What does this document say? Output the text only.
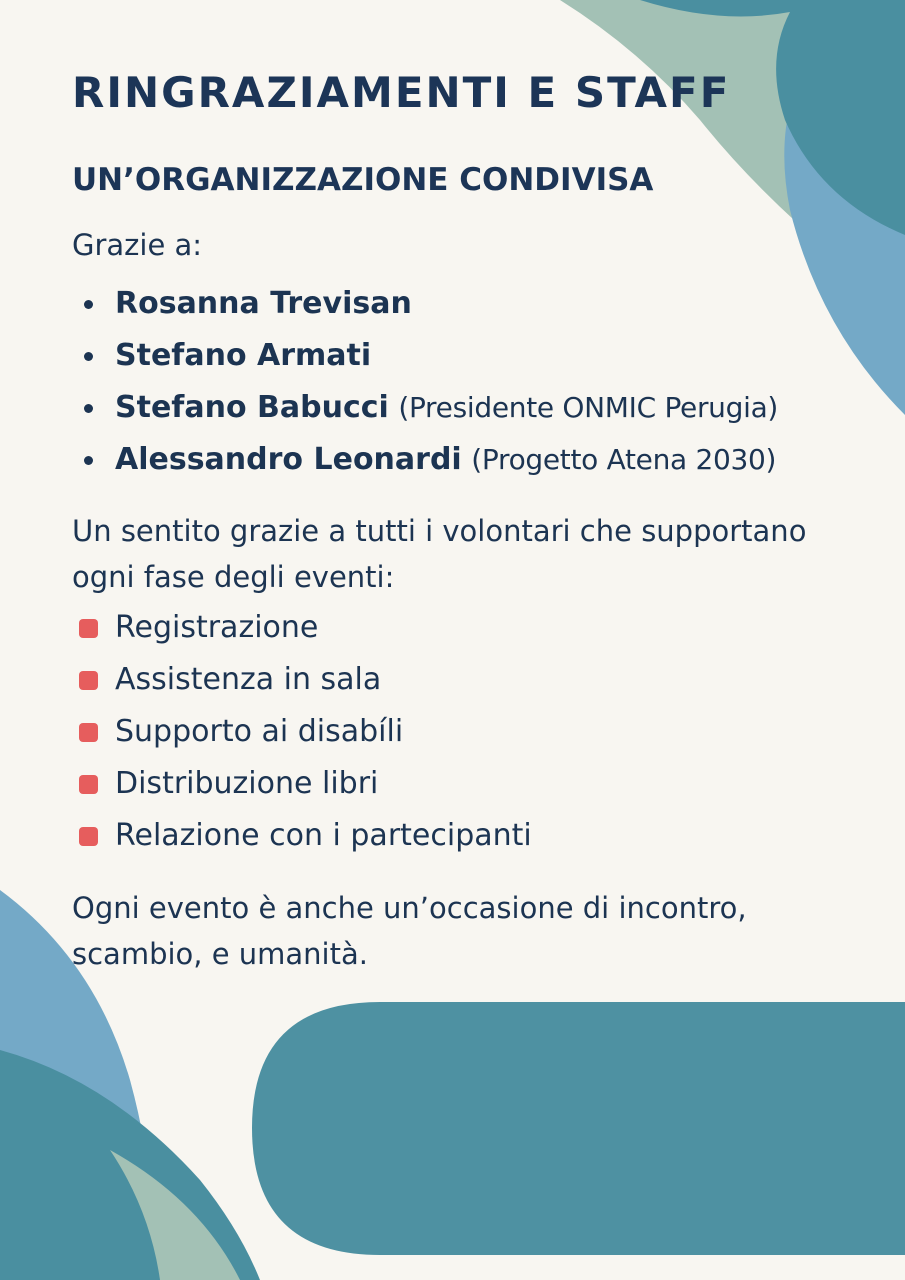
RINGRAZIAMENTI E STAFF
UN’ORGANIZZAZIONE CONDIVISA
Grazie a:
Rosanna Trevisan
Stefano Armati
Stefano Babucci (Presidente ONMIC Perugia)
Alessandro Leonardi (Progetto Atena 2030)
Un sentito grazie a tutti i volontari che supportano ogni fase degli eventi:
Registrazione
Assistenza in sala
Supporto ai disabíli
Distribuzione libri
Relazione con i partecipanti
Ogni evento è anche un’occasione di incontro, scambio, e umanità.
